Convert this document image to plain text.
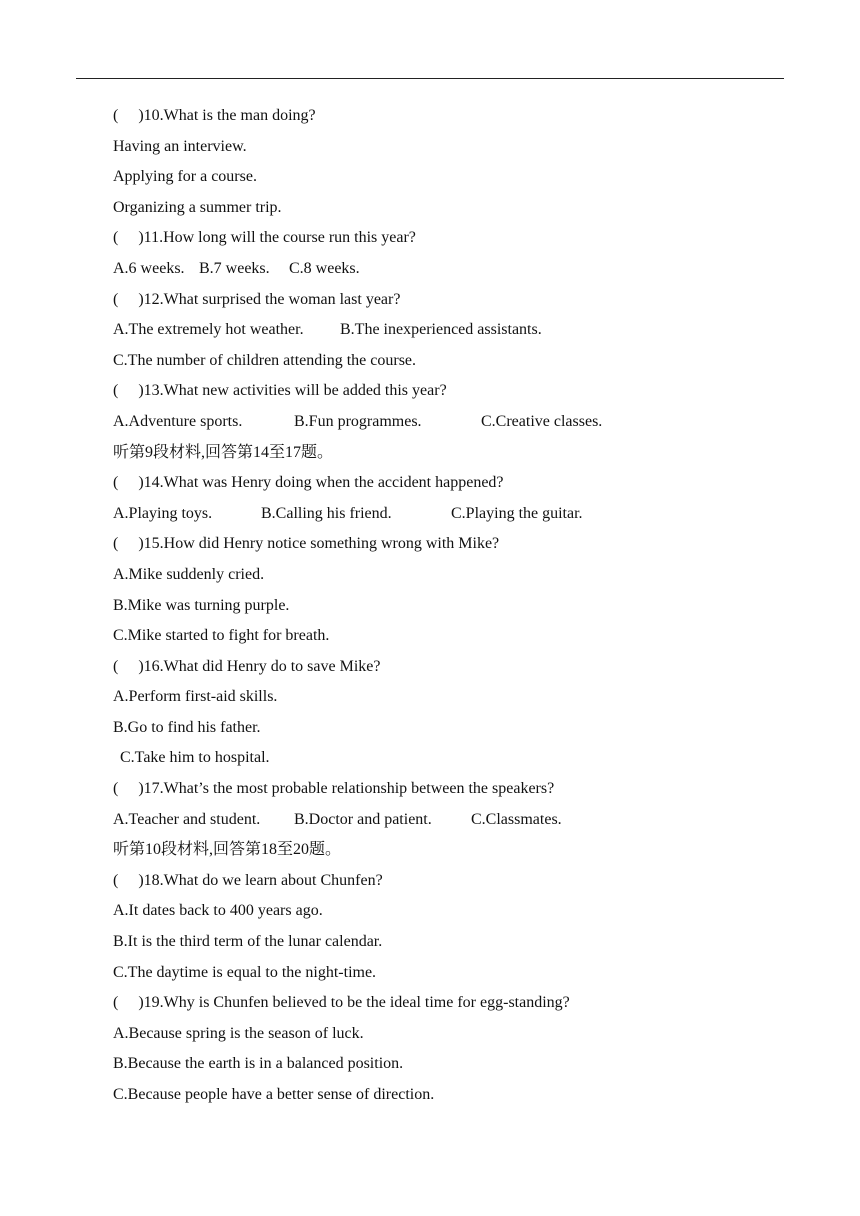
(     )10.What is the man doing?
Having an interview.
Applying for a course.
Organizing a summer trip.
(     )11.How long will the course run this year?
A.6 weeks. B.7 weeks. C.8 weeks.
(     )12.What surprised the woman last year?
A.The extremely hot weather. B.The inexperienced assistants.
C.The number of children attending the course.
(     )13.What new activities will be added this year?
A.Adventure sports.	B.Fun programmes.	C.Creative classes.
听第9段材料,回答第14至17题。
(     )14.What was Henry doing when the accident happened?
A.Playing toys.	B.Calling his friend.	C.Playing the guitar.
(     )15.How did Henry notice something wrong with Mike?
A.Mike suddenly cried.
B.Mike was turning purple.
C.Mike started to fight for breath.
(     )16.What did Henry do to save Mike?
A.Perform first-aid skills.
B.Go to find his father.
C.Take him to hospital.
(     )17.What’s the most probable relationship between the speakers?
A.Teacher and student. B.Doctor and patient. C.Classmates.
听第10段材料,回答第18至20题。
(     )18.What do we learn about Chunfen?
A.It dates back to 400 years ago.
B.It is the third term of the lunar calendar.
C.The daytime is equal to the night-time.
(     )19.Why is Chunfen believed to be the ideal time for egg-standing?
A.Because spring is the season of luck.
B.Because the earth is in a balanced position.
C.Because people have a better sense of direction.
